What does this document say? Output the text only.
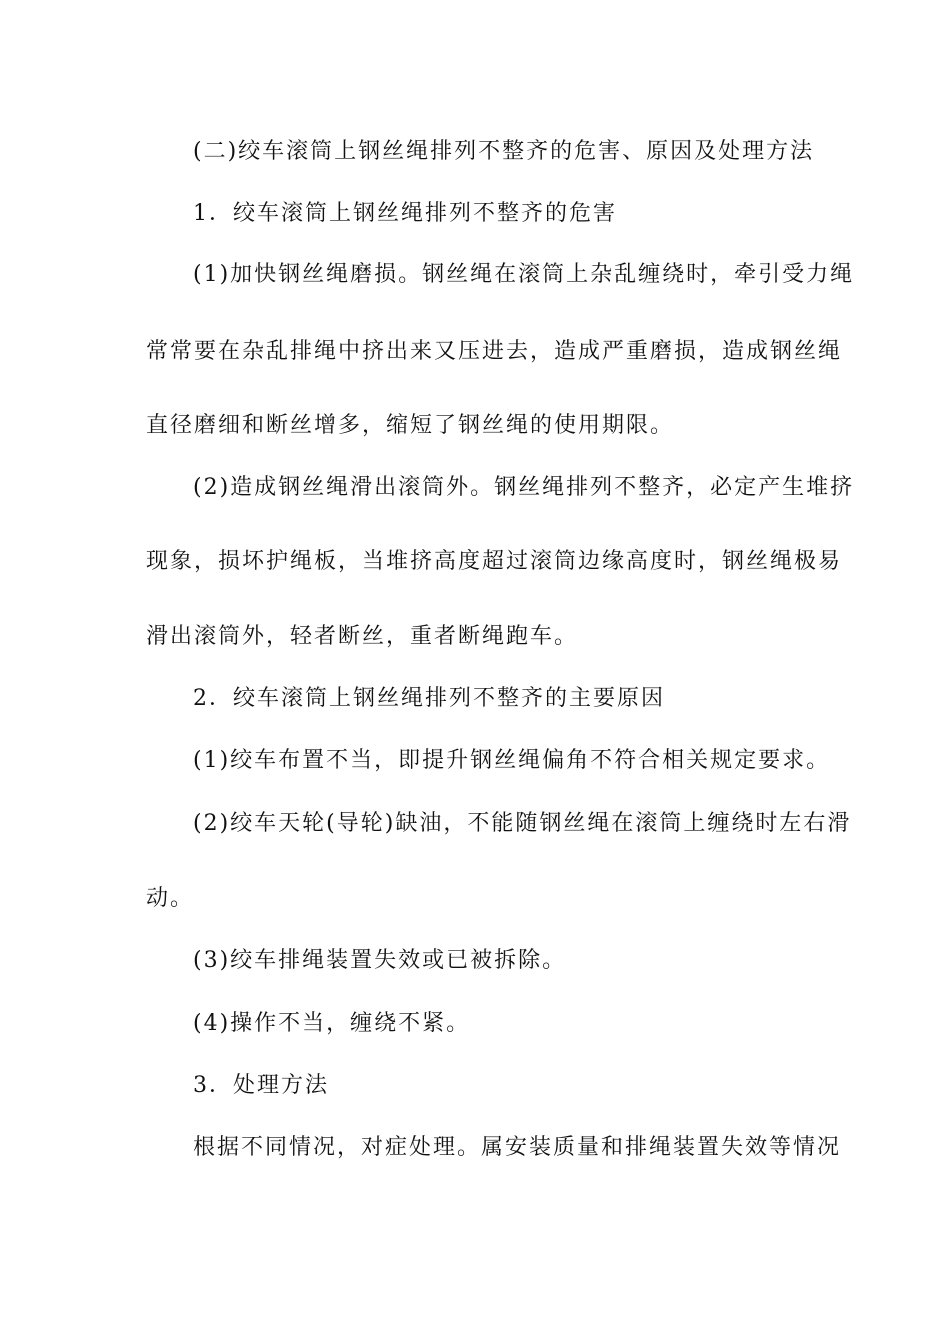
(二)绞车滚筒上钢丝绳排列不整齐的危害、原因及处理方法
1．绞车滚筒上钢丝绳排列不整齐的危害
(1)加快钢丝绳磨损。钢丝绳在滚筒上杂乱缠绕时，牵引受力绳
常常要在杂乱排绳中挤出来又压进去，造成严重磨损，造成钢丝绳
直径磨细和断丝增多，缩短了钢丝绳的使用期限。
(2)造成钢丝绳滑出滚筒外。钢丝绳排列不整齐，必定产生堆挤
现象，损坏护绳板，当堆挤高度超过滚筒边缘高度时，钢丝绳极易
滑出滚筒外，轻者断丝，重者断绳跑车。
2．绞车滚筒上钢丝绳排列不整齐的主要原因
(1)绞车布置不当，即提升钢丝绳偏角不符合相关规定要求。
(2)绞车天轮(导轮)缺油，不能随钢丝绳在滚筒上缠绕时左右滑
动。
(3)绞车排绳装置失效或已被拆除。
(4)操作不当，缠绕不紧。
3．处理方法
根据不同情况，对症处理。属安装质量和排绳装置失效等情况
